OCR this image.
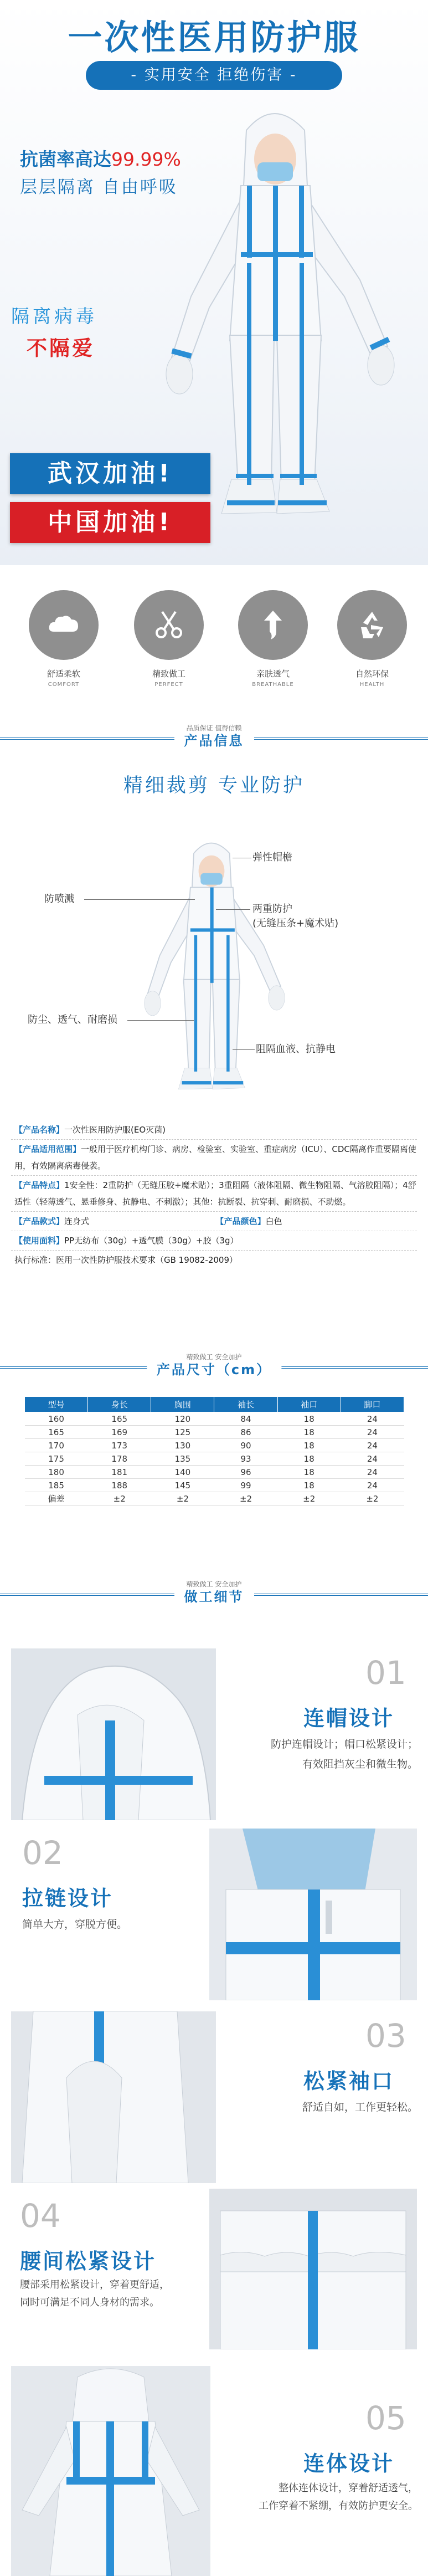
一次性医用防护服
- 实用安全 拒绝伤害 -
抗菌率高达99.99%
层层隔离 自由呼吸
隔离病毒
不隔爱
武汉加油!
中国加油!
舒适柔软
COMFORT
精致做工
PERFECT
亲肤透气
BREATHABLE
自然环保
HEALTH
品质保证 值得信赖
产品信息
精细裁剪 专业防护
弹性帽檐
防喷溅
两重防护
(无缝压条+魔术贴)
防尘、透气、耐磨损
阻隔血液、抗静电
【产品名称】一次性医用防护服(EO灭菌)
【产品适用范围】一般用于医疗机构门诊、病房、检验室、实验室、重症病房（ICU）、CDC隔离作重要隔离使用，有效隔离病毒侵袭。
【产品特点】1安全性：2重防护（无缝压胶+魔术贴）；3重阻隔（液体阻隔、微生物阻隔、气溶胶阻隔）；4舒适性（轻薄透气、悬垂修身、抗静电、不刺激）；其他：抗断裂、抗穿刺、耐磨损、不助燃。
【产品款式】连身式	【产品颜色】白色
【使用面料】PP无纺布（30g）+透气膜（30g）+胶（3g）
执行标准：医用一次性防护服技术要求（GB 19082-2009）
精致做工 安全加护
产品尺寸（cm）
型号	身长	胸围	袖长	袖口	脚口
160	165	120	84	18	24
165	169	125	86	18	24
170	173	130	90	18	24
175	178	135	93	18	24
180	181	140	96	18	24
185	188	145	99	18	24
偏差	±2	±2	±2	±2	±2
精致做工 安全加护
做工细节
01
连帽设计
防护连帽设计；帽口松紧设计；
有效阻挡灰尘和微生物。
02
拉链设计
简单大方，穿脱方便。
03
松紧袖口
舒适自如，工作更轻松。
04
腰间松紧设计
腰部采用松紧设计，穿着更舒适，
同时可满足不同人身材的需求。
05
连体设计
整体连体设计，穿着舒适透气，
工作穿着不紧绷，有效防护更安全。
